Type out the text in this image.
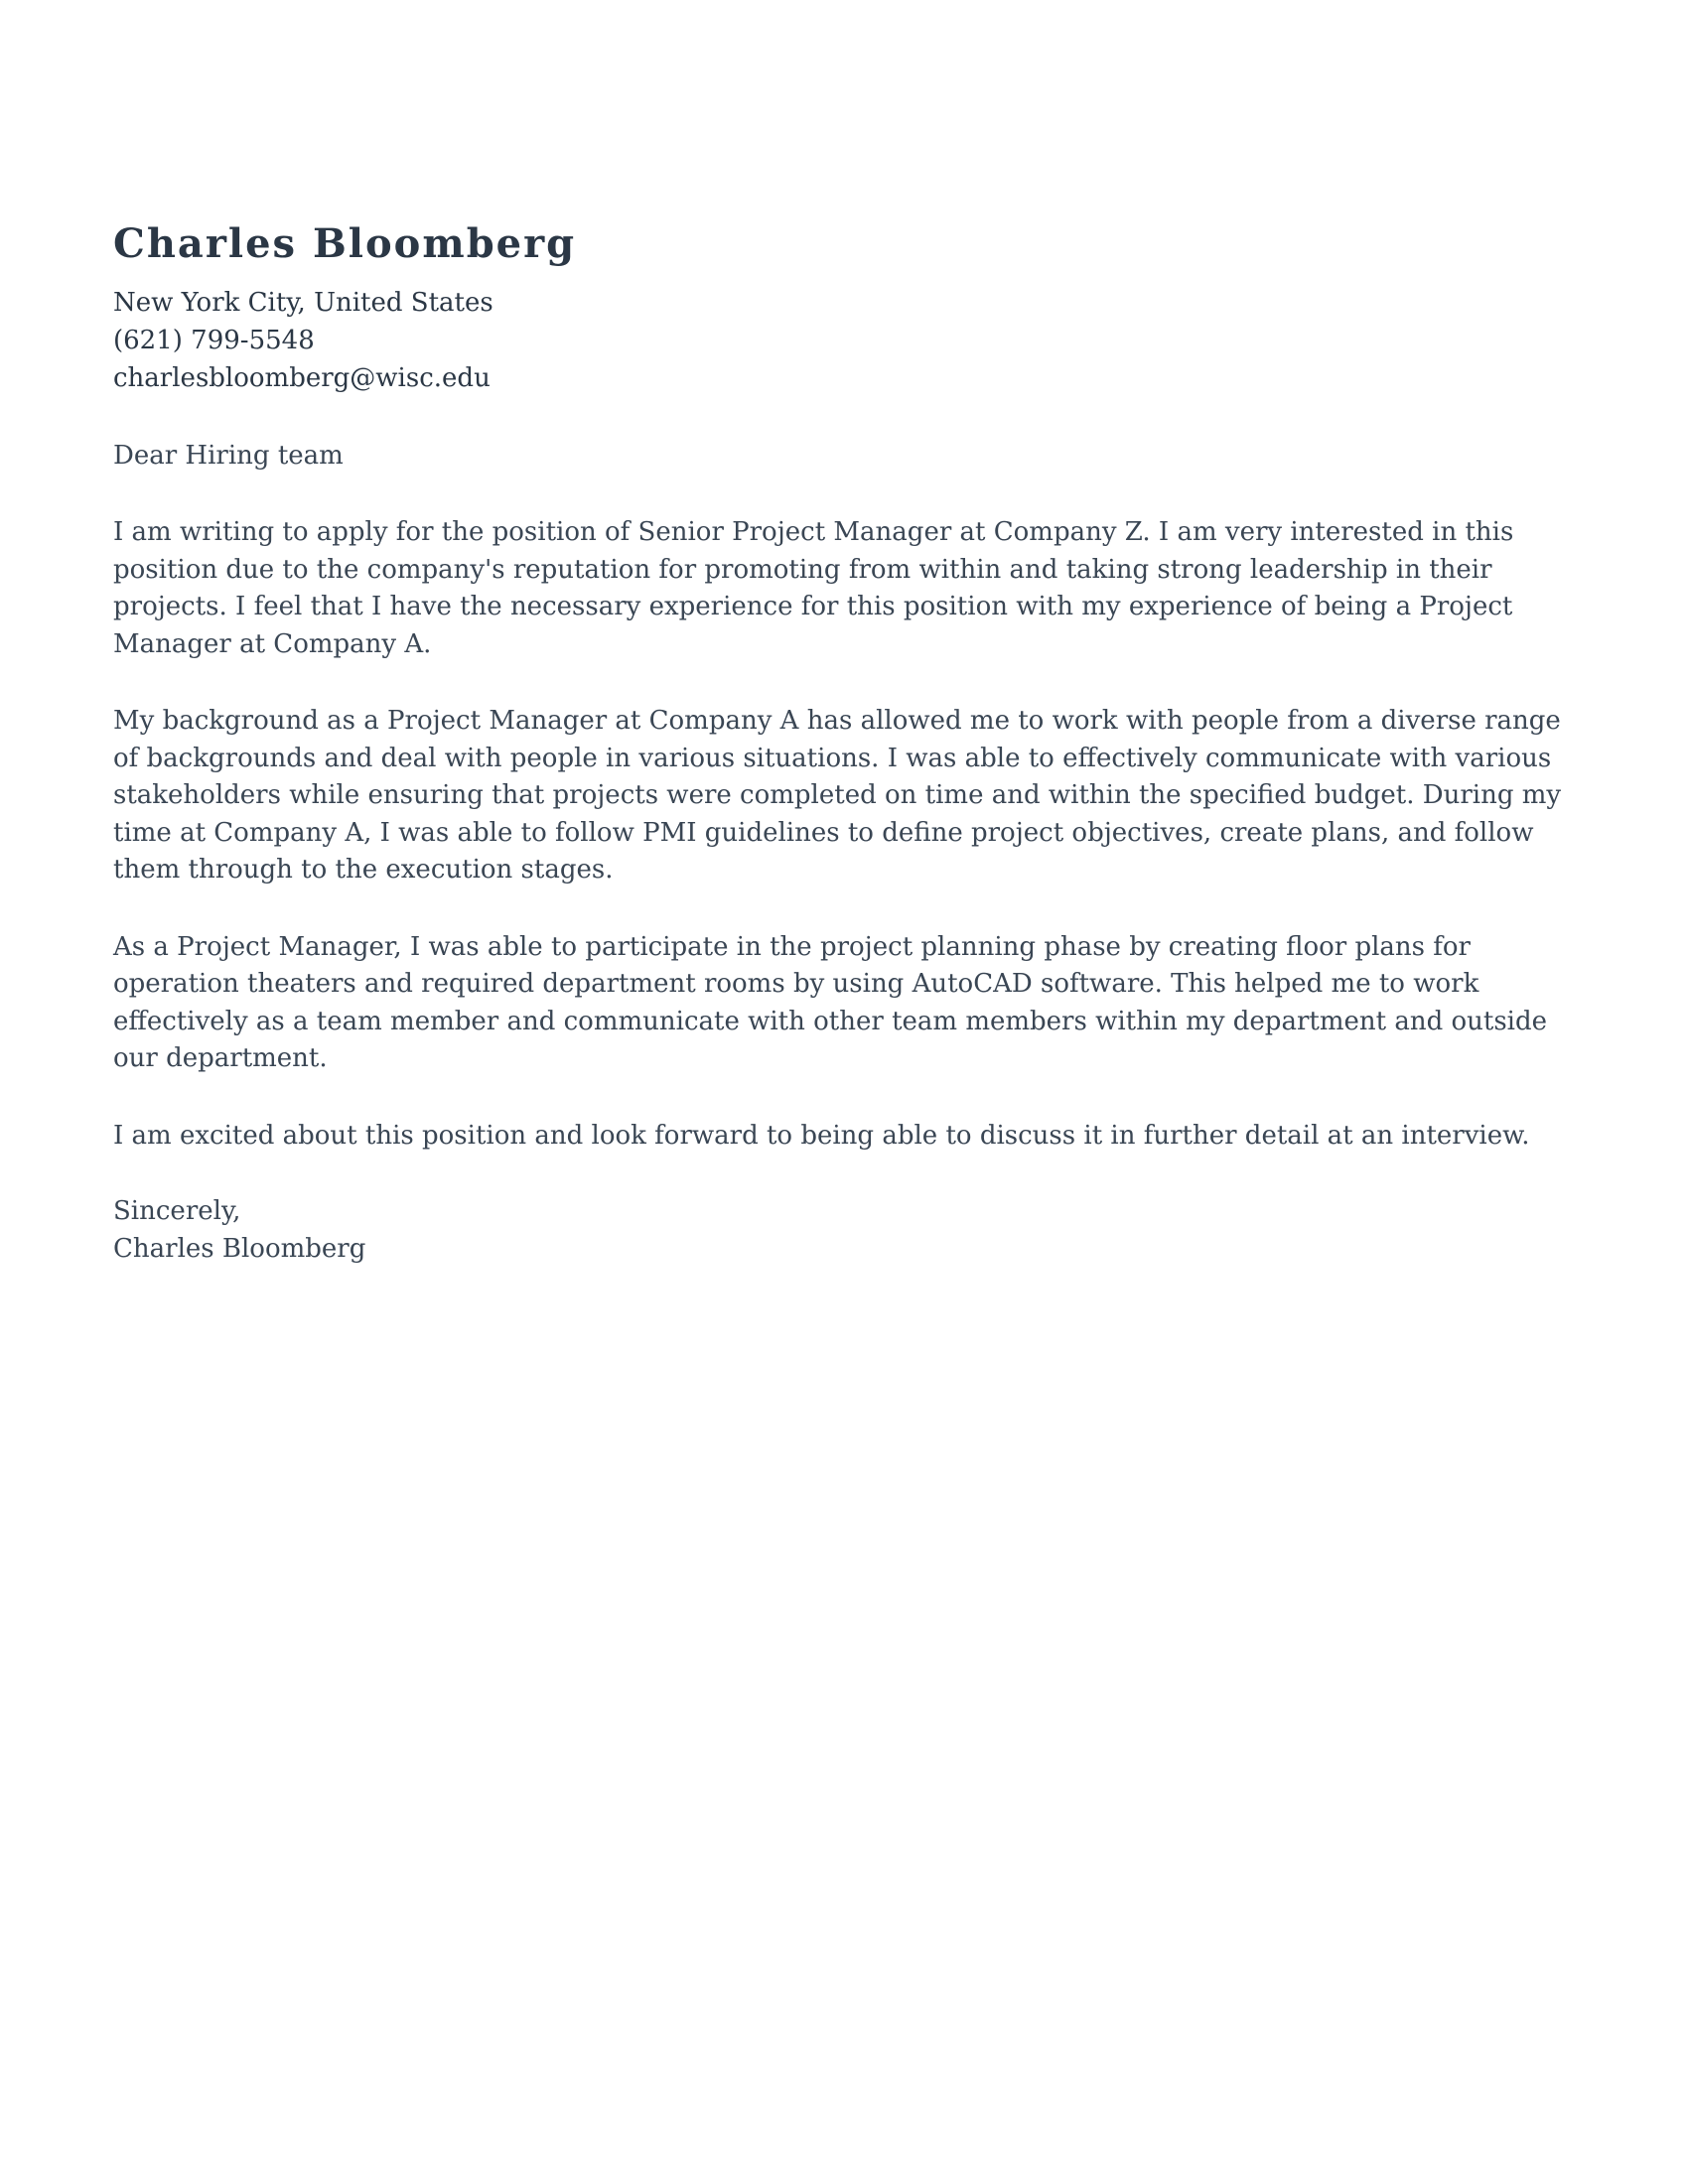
Charles Bloomberg
New York City, United States
(621) 799-5548
charlesbloomberg@wisc.edu
Dear Hiring team
I am writing to apply for the position of Senior Project Manager at Company Z. I am very interested in this position due to the company's reputation for promoting from within and taking strong leadership in their projects. I feel that I have the necessary experience for this position with my experience of being a Project Manager at Company A.
My background as a Project Manager at Company A has allowed me to work with people from a diverse range of backgrounds and deal with people in various situations. I was able to effectively communicate with various stakeholders while ensuring that projects were completed on time and within the specified budget. During my time at Company A, I was able to follow PMI guidelines to define project objectives, create plans, and follow them through to the execution stages.
As a Project Manager, I was able to participate in the project planning phase by creating floor plans for operation theaters and required department rooms by using AutoCAD software. This helped me to work effectively as a team member and communicate with other team members within my department and outside our department.
I am excited about this position and look forward to being able to discuss it in further detail at an interview.
Sincerely,
Charles Bloomberg
